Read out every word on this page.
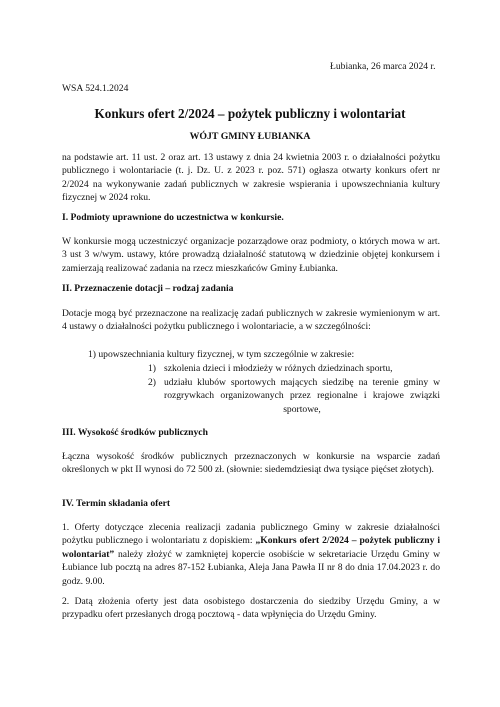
Łubianka, 26 marca 2024 r.

WSA 524.1.2024

Konkurs ofert 2/2024 – pożytek publiczny i wolontariat
WÓJT GMINY ŁUBIANKA

na podstawie art. 11 ust. 2 oraz art. 13 ustawy z dnia 24 kwietnia 2003 r. o działalności pożytku publicznego i wolontariacie (t. j. Dz. U. z 2023 r. poz. 571) ogłasza otwarty konkurs ofert nr 2/2024 na wykonywanie zadań publicznych w zakresie wspierania i upowszechniania kultury fizycznej w 2024 roku.

I. Podmioty uprawnione do uczestnictwa w konkursie.

W konkursie mogą uczestniczyć organizacje pozarządowe oraz podmioty, o których mowa w art. 3 ust 3 w/wym. ustawy, które prowadzą działalność statutową w dziedzinie objętej konkursem i zamierzają realizować zadania na rzecz mieszkańców Gminy Łubianka.

II. Przeznaczenie dotacji – rodzaj zadania

Dotacje mogą być przeznaczone na realizację zadań publicznych w zakresie wymienionym w art. 4 ustawy o działalności pożytku publicznego i wolontariacie, a w szczególności:

1) upowszechniania kultury fizycznej, w tym szczególnie w zakresie:

1) szkolenia dzieci i młodzieży w różnych dziedzinach sportu,
2) udziału klubów sportowych mających siedzibę na terenie gminy w rozgrywkach organizowanych przez regionalne i krajowe związki sportowe,

III. Wysokość środków publicznych

Łączna wysokość środków publicznych przeznaczonych w konkursie na wsparcie zadań określonych w pkt II wynosi do 72 500 zł. (słownie: siedemdziesiąt dwa tysiące pięćset złotych).

IV. Termin składania ofert

1. Oferty dotyczące zlecenia realizacji zadania publicznego Gminy w zakresie działalności pożytku publicznego i wolontariatu z dopiskiem: „Konkurs ofert 2/2024 – pożytek publiczny i wolontariat” należy złożyć w zamkniętej kopercie osobiście w sekretariacie Urzędu Gminy w Łubiance lub pocztą na adres 87-152 Łubianka, Aleja Jana Pawła II nr 8 do dnia 17.04.2023 r. do godz. 9.00.

2. Datą złożenia oferty jest data osobistego dostarczenia do siedziby Urzędu Gminy, a w przypadku ofert przesłanych drogą pocztową - data wpłynięcia do Urzędu Gminy.
